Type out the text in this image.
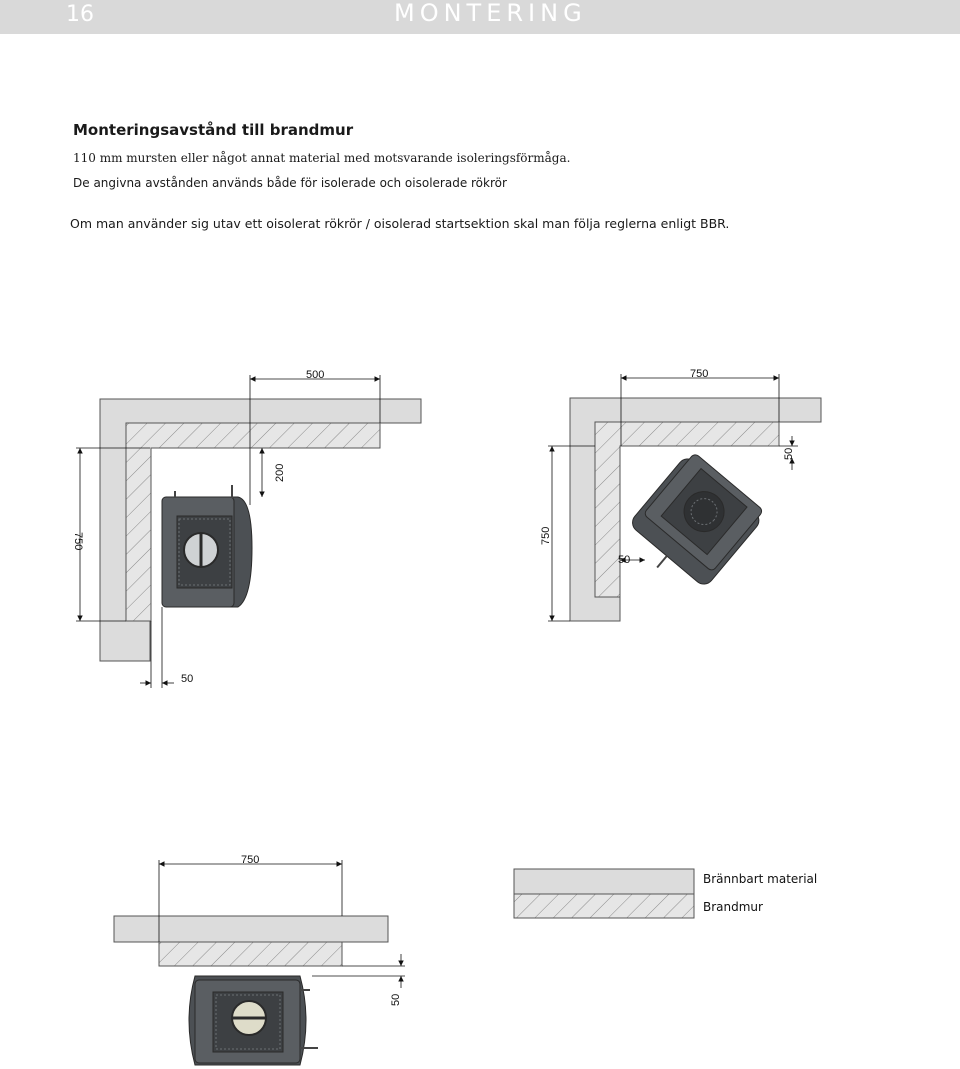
16	MONTERING
Monteringsavstånd till brandmur
110 mm mursten eller något annat material med motsvarande isoleringsförmåga.
De angivna avstånden används både för isolerade och oisolerade rökrör
Om man använder sig utav ett oisolerat rökrör / oisolerad startsektion skal man följa reglerna enligt BBR.
500
200
750
50
750
50
750
50
750
50
Brännbart material
Brandmur
